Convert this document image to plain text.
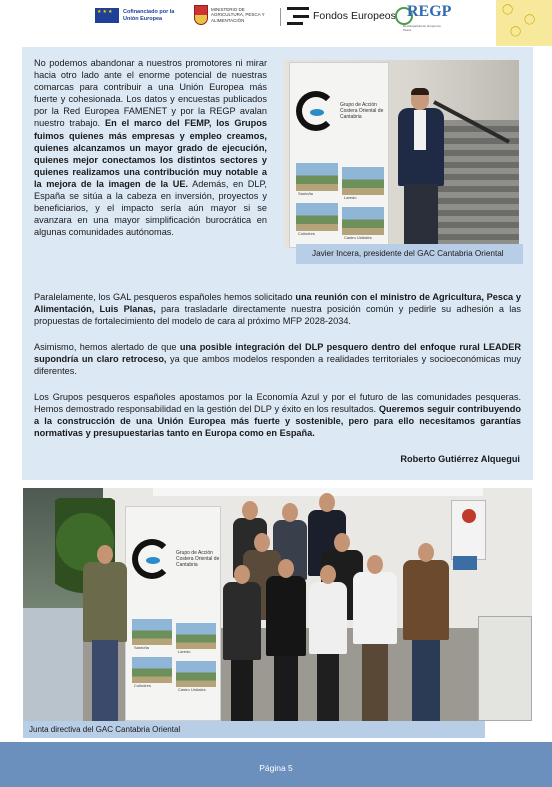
★★★
Cofinanciado por la Unión Europea
MINISTERIO DE AGRICULTURA, PESCA Y ALIMENTACIÓN	Fondos Europeos REGP
Red Española de Grupos de Pesca
◯
◯
◯
No podemos abandonar a nuestros promotores ni mirar hacia otro lado ante el enorme potencial de nuestras comarcas para contribuir a una Unión Europea más fuerte y cohesionada. Los datos y encuestas publicados por la Red Europea FAMENET y por la REGP avalan nuestro trabajo. En el marco del FEMP, los Grupos fuimos quienes más empresas y empleo creamos, quienes alcanzamos un mayor grado de ejecución, quienes mejor conectamos los distintos sectores y quienes realizamos una contribución muy notable a la mejora de la imagen de la UE. Además, en DLP, España se sitúa a la cabeza en inversión, proyectos y beneficiarios, y el impacto sería aún mayor si se avanzara en una mayor simplificación burocrática en algunas comunidades autónomas.
Grupo de Acción Costera Oriental de Cantabria
Santoña
Laredo
Colindres
Castro Urdiales
Javier Incera, presidente del GAC Cantabria Oriental
Paralelamente, los GAL pesqueros españoles hemos solicitado una reunión con el ministro de Agricultura, Pesca y Alimentación, Luis Planas, para trasladarle directamente nuestra posición común y pedirle su adhesión a las propuestas de fortalecimiento del modelo de cara al próximo MFP 2028-2034.
Asimismo, hemos alertado de que una posible integración del DLP pesquero dentro del enfoque rural LEADER supondría un claro retroceso, ya que ambos modelos responden a realidades territoriales y socioeconómicas muy diferentes.
Los Grupos pesqueros españoles apostamos por la Economía Azul y por el futuro de las comunidades pesqueras. Hemos demostrado responsabilidad en la gestión del DLP y éxito en los resultados. Queremos seguir contribuyendo a la construcción de una Unión Europea más fuerte y sostenible, pero para ello necesitamos garantías normativas y presupuestarias tanto en Europa como en España.
Roberto Gutiérrez Alquegui
Grupo de Acción Costera Oriental de Cantabria
Santoña
Laredo
Colindres
Castro Urdiales
Junta directiva del GAC Cantabria Oriental
Página 5
